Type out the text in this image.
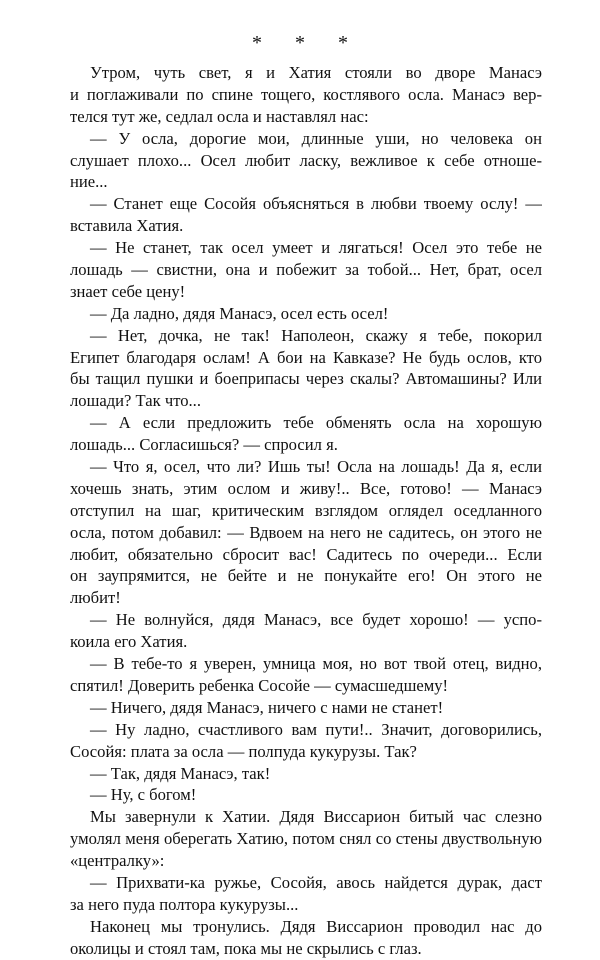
* * *
Утром, чуть свет, я и Хатия стояли во дворе Манасэ
и поглаживали по спине тощего, костлявого осла. Манасэ вер-
телся тут же, седлал осла и наставлял нас:
— У осла, дорогие мои, длинные уши, но человека он
слушает плохо... Осел любит ласку, вежливое к себе отноше-
ние...
— Станет еще Сосойя объясняться в любви твоему ослу! —
вставила Хатия.
— Не станет, так осел умеет и лягаться! Осел это тебе не
лошадь — свистни, она и побежит за тобой... Нет, брат, осел
знает себе цену!
— Да ладно, дядя Манасэ, осел есть осел!
— Нет, дочка, не так! Наполеон, скажу я тебе, покорил
Египет благодаря ослам! А бои на Кавказе? Не будь ослов, кто
бы тащил пушки и боеприпасы через скалы? Автомашины? Или
лошади? Так что...
— А если предложить тебе обменять осла на хорошую
лошадь... Согласишься? — спросил я.
— Что я, осел, что ли? Ишь ты! Осла на лошадь! Да я, если
хочешь знать, этим ослом и живу!.. Все, готово! — Манасэ
отступил на шаг, критическим взглядом оглядел оседланного
осла, потом добавил: — Вдвоем на него не садитесь, он этого не
любит, обязательно сбросит вас! Садитесь по очереди... Если
он заупрямится, не бейте и не понукайте его! Он этого не
любит!
— Не волнуйся, дядя Манасэ, все будет хорошо! — успо-
коила его Хатия.
— В тебе-то я уверен, умница моя, но вот твой отец, видно,
спятил! Доверить ребенка Сосойе — сумасшедшему!
— Ничего, дядя Манасэ, ничего с нами не станет!
— Ну ладно, счастливого вам пути!.. Значит, договорились,
Сосойя: плата за осла — полпуда кукурузы. Так?
— Так, дядя Манасэ, так!
— Ну, с богом!
Мы завернули к Хатии. Дядя Виссарион битый час слезно
умолял меня оберегать Хатию, потом снял со стены двуствольную
«централку»:
— Прихвати-ка ружье, Сосойя, авось найдется дурак, даст
за него пуда полтора кукурузы...
Наконец мы тронулись. Дядя Виссарион проводил нас до
околицы и стоял там, пока мы не скрылись с глаз.
